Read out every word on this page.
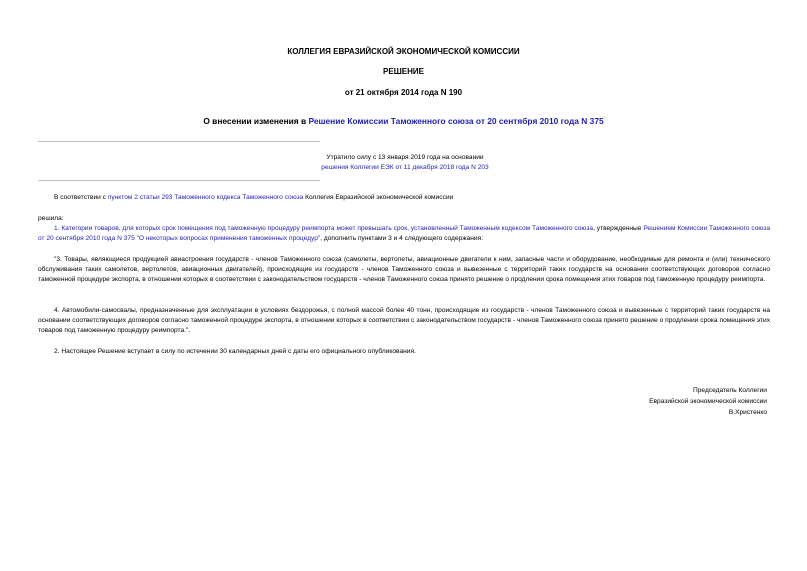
КОЛЛЕГИЯ ЕВРАЗИЙСКОЙ ЭКОНОМИЧЕСКОЙ КОМИССИИ
РЕШЕНИЕ
от 21 октября 2014 года N 190
О внесении изменения в Решение Комиссии Таможенного союза от 20 сентября 2010 года N 375
Утратило силу с 13 января 2019 года на основании
решения Коллегии ЕЭК от 11 декабря 2018 года N 203
В соответствии с пунктом 2 статьи 293 Таможенного кодекса Таможенного союза Коллегия Евразийской экономической комиссии
решила:
1. Категории товаров, для которых срок помещения под таможенную процедуру реимпорта может превышать срок, установленный Таможенным кодексом Таможенного союза, утвержденные Решением Комиссии Таможенного союза от 20 сентября 2010 года N 375 "О некоторых вопросах применения таможенных процедур", дополнить пунктами 3 и 4 следующего содержания:
"3. Товары, являющиеся продукцией авиастроения государств - членов Таможенного союза (самолеты, вертолеты, авиационные двигатели к ним, запасные части и оборудование, необходимые для ремонта и (или) технического обслуживания таких самолетов, вертолетов, авиационных двигателей), происходящие из государств - членов Таможенного союза и вывезенные с территорий таких государств на основании соответствующих договоров согласно таможенной процедуре экспорта, в отношении которых в соответствии с законодательством государств - членов Таможенного союза принято решение о продлении срока помещения этих товаров под таможенную процедуру реимпорта.
4. Автомобили-самосвалы, предназначенные для эксплуатации в условиях бездорожья, с полной массой более 40 тонн, происходящие из государств - членов Таможенного союза и вывезенные с территорий таких государств на основании соответствующих договоров согласно таможенной процедуре экспорта, в отношении которых в соответствии с законодательством государств - членов Таможенного союза принято решение о продлении срока помещения этих товаров под таможенную процедуру реимпорта.".
2. Настоящее Решение вступает в силу по истечении 30 календарных дней с даты его официального опубликования.
Председатель Коллегии
Евразийской экономической комиссии
В.Христенко
